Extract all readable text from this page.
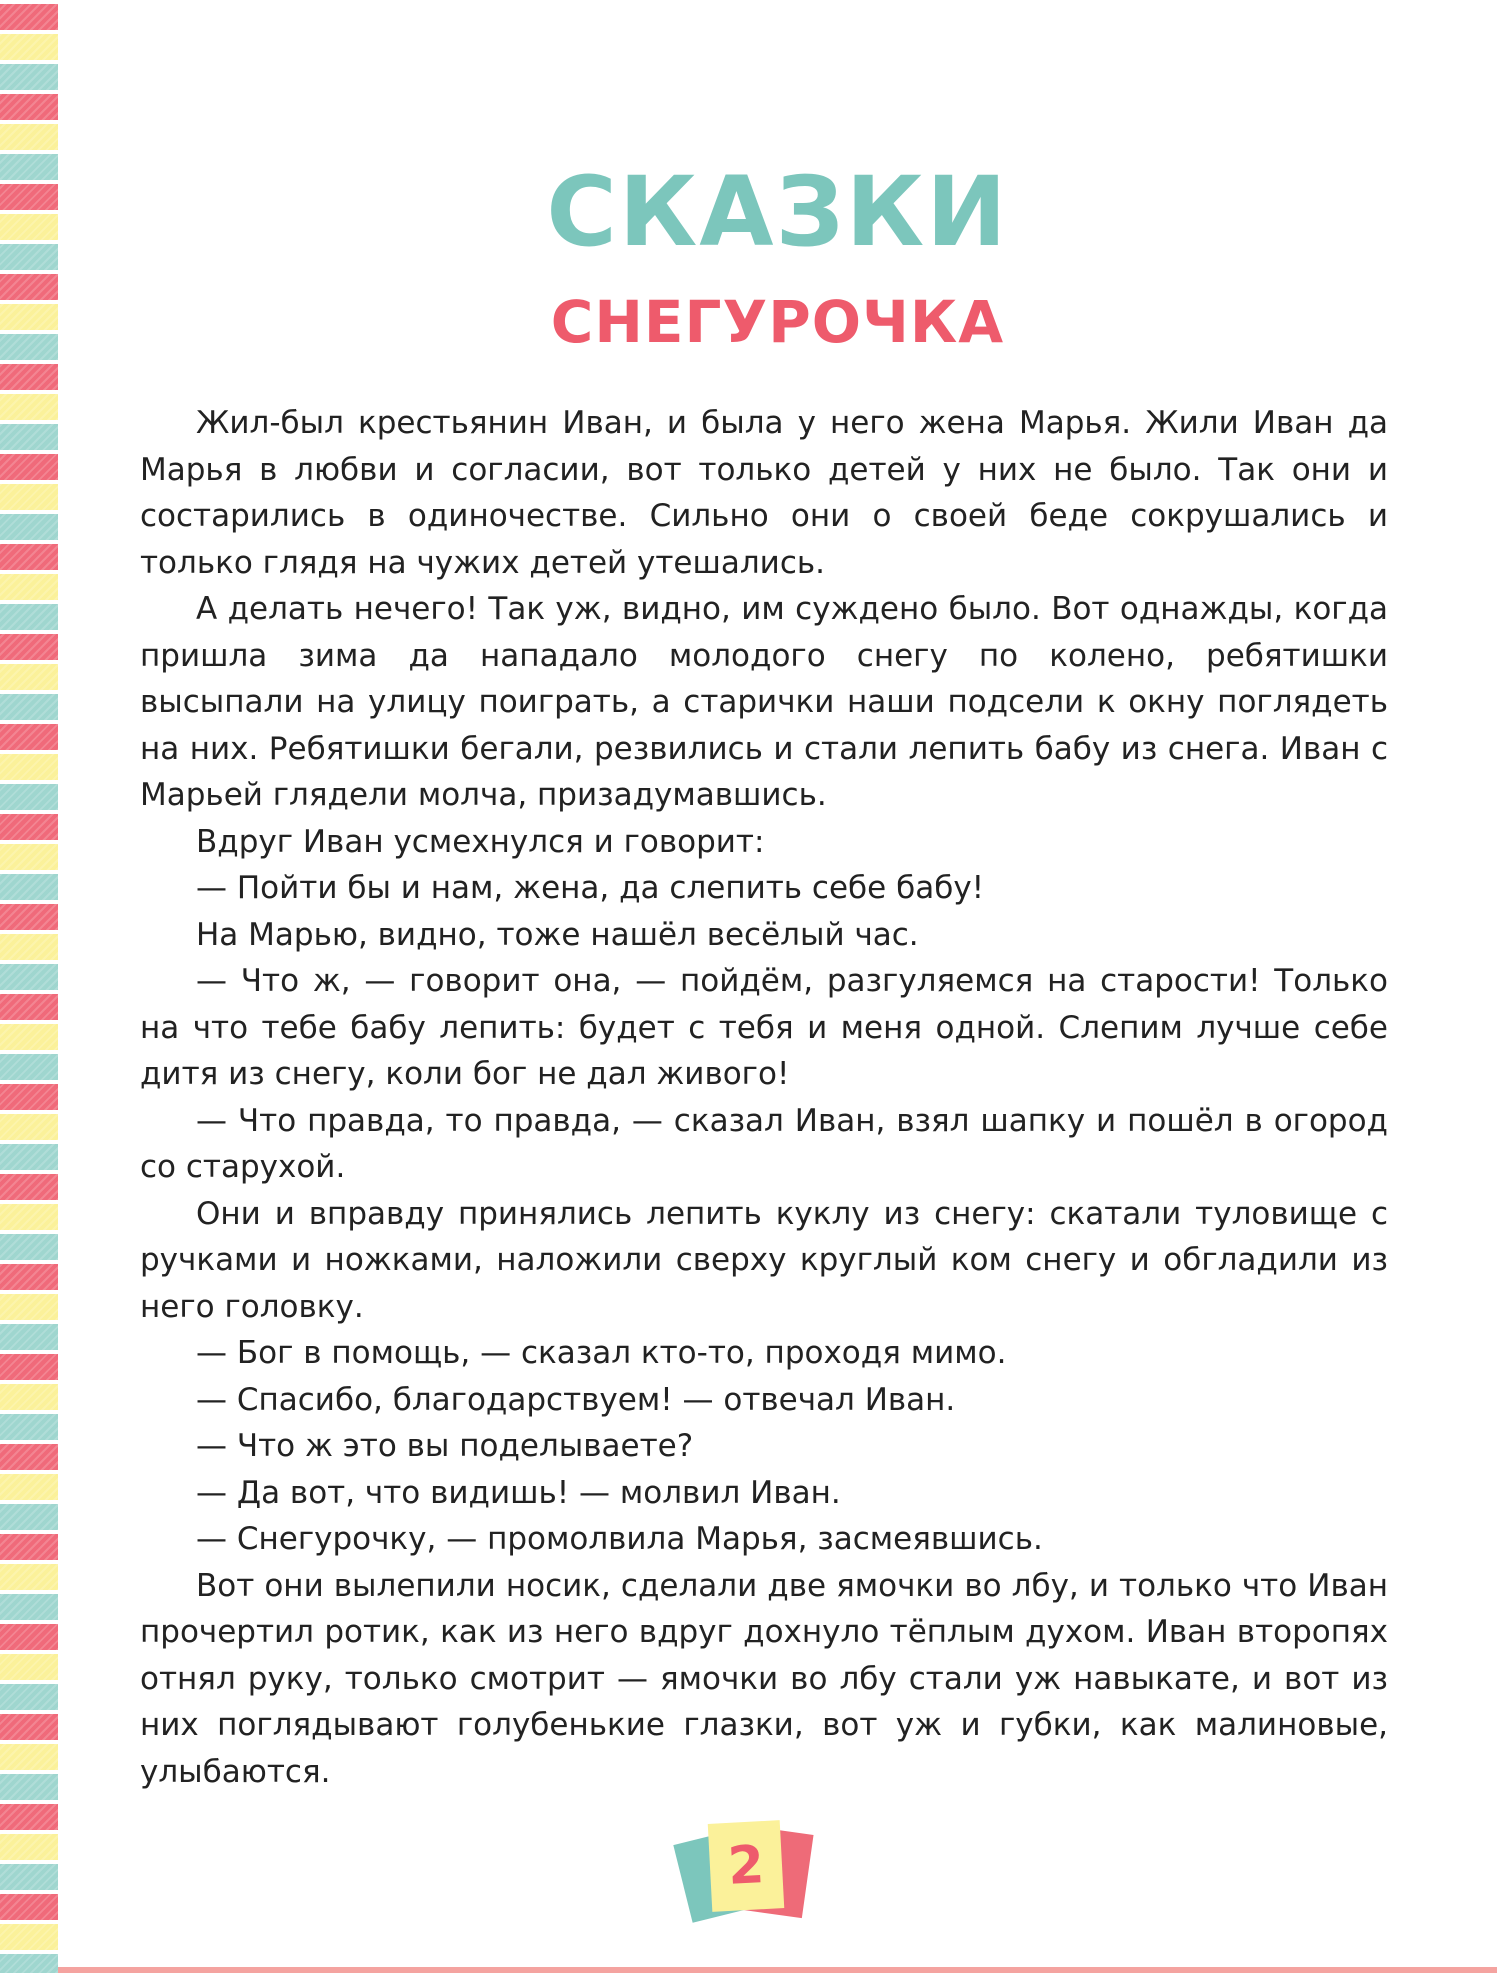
СКАЗКИ
СНЕГУРОЧКА

Жил-был крестьянин Иван, и была у него жена Марья. Жили Иван да Марья в любви и согласии, вот только детей у них не было. Так они и состарились в одиночестве. Сильно они о своей беде сокрушались и только глядя на чужих детей утешались.

А делать нечего! Так уж, видно, им суждено было. Вот однажды, когда пришла зима да нападало молодого снегу по колено, ребятишки высыпали на улицу поиграть, а старички наши подсели к окну поглядеть на них. Ребятишки бегали, резвились и стали лепить бабу из снега. Иван с Марьей глядели молча, призадумавшись.

Вдруг Иван усмехнулся и говорит:

— Пойти бы и нам, жена, да слепить себе бабу!

На Марью, видно, тоже нашёл весёлый час.

— Что ж, — говорит она, — пойдём, разгуляемся на старости! Только на что тебе бабу лепить: будет с тебя и меня одной. Слепим лучше себе дитя из снегу, коли бог не дал живого!

— Что правда, то правда, — сказал Иван, взял шапку и пошёл в огород со старухой.

Они и вправду принялись лепить куклу из снегу: скатали туловище с ручками и ножками, наложили сверху круглый ком снегу и обгладили из него головку.

— Бог в помощь, — сказал кто-то, проходя мимо.

— Спасибо, благодарствуем! — отвечал Иван.

— Что ж это вы поделываете?

— Да вот, что видишь! — молвил Иван.

— Снегурочку, — промолвила Марья, засмеявшись.

Вот они вылепили носик, сделали две ямочки во лбу, и только что Иван прочертил ротик, как из него вдруг дохнуло тёплым духом. Иван второпях отнял руку, только смотрит — ямочки во лбу стали уж навыкате, и вот из них поглядывают голубенькие глазки, вот уж и губки, как малиновые, улыбаются.

2
